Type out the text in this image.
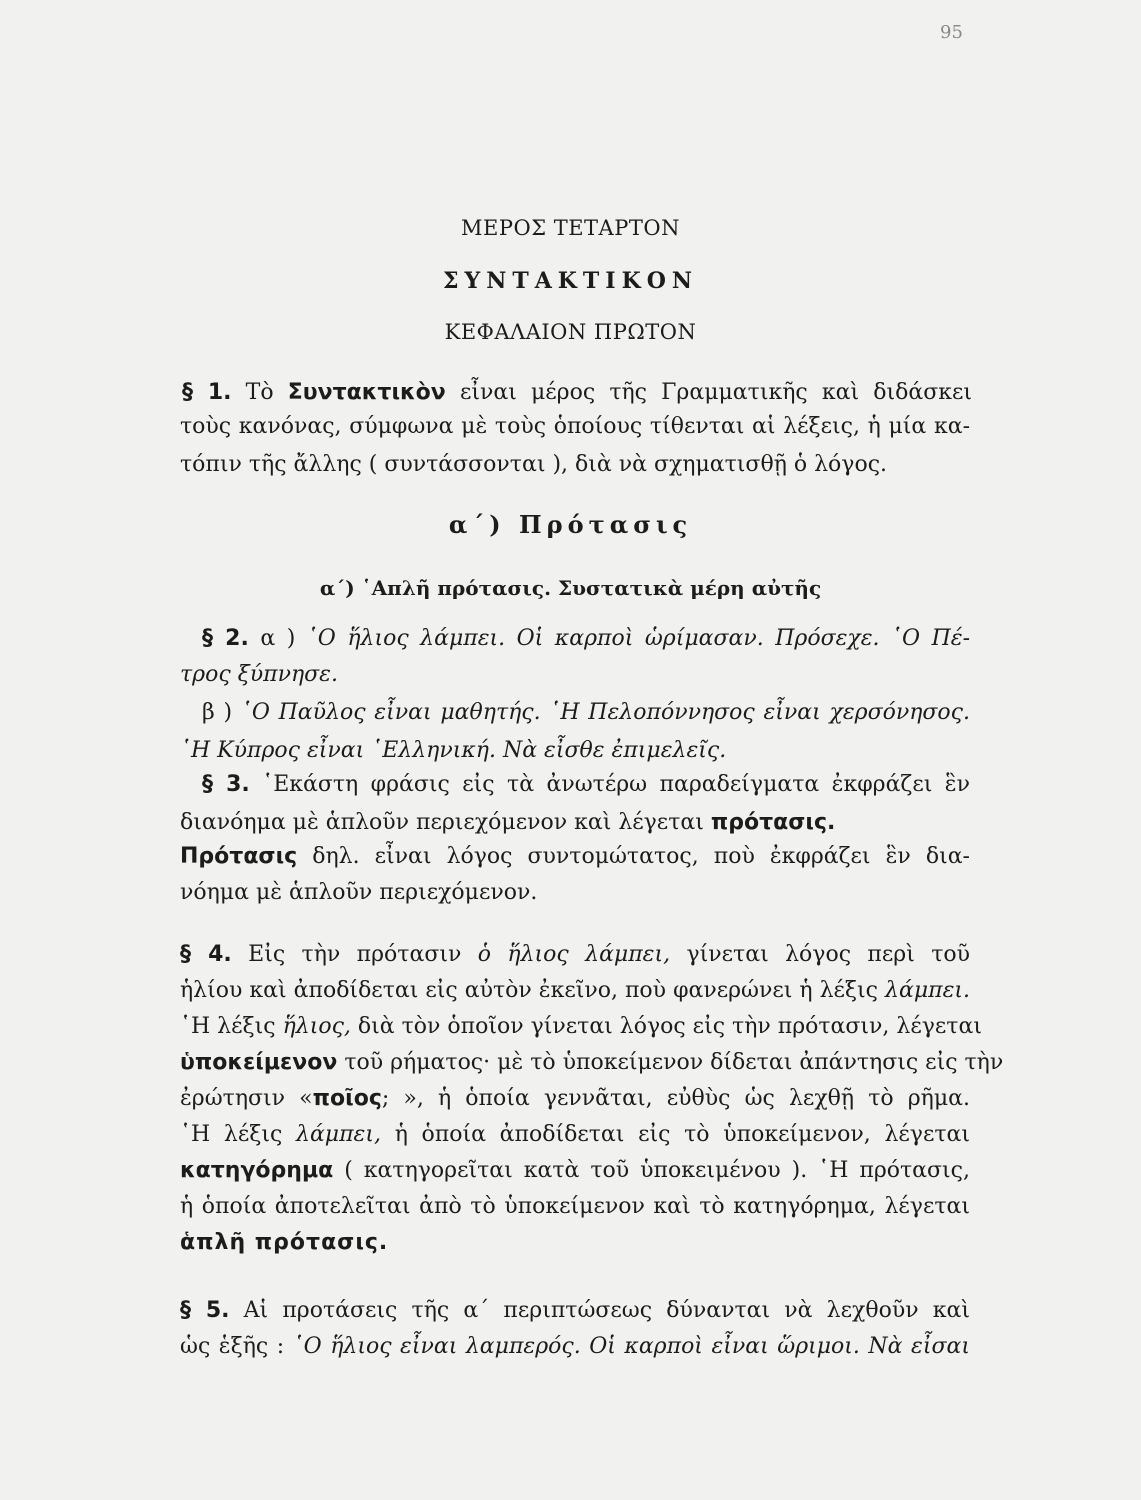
95
ΜΕΡΟΣ ΤΕΤΑΡΤΟΝ
ΣΥΝΤΑΚΤΙΚΟΝ
ΚΕΦΑΛΑΙΟΝ ΠΡΩΤΟΝ
§ 1. Τὸ Συντακτικὸν εἶναι μέρος τῆς Γραμματικῆς καὶ διδάσκει
τοὺς κανόνας, σύμφωνα μὲ τοὺς ὁποίους τίθενται αἱ λέξεις, ἡ μία κα-
τόπιν τῆς ἄλλης ( συντάσσονται ), διὰ νὰ σχηματισθῇ ὁ λόγος.
α΄) Πρότασις
α΄) ῾Απλῆ πρότασις. Συστατικὰ μέρη αὐτῆς
§ 2. α ) ῾Ο ἥλιος λάμπει. Οἱ καρποὶ ὡρίμασαν. Πρόσεχε. ῾Ο Πέ-
τρος ξύπνησε.
β ) ῾Ο Παῦλος εἶναι μαθητής. ῾Η Πελοπόννησος εἶναι χερσόνησος.
῾Η Κύπρος εἶναι ῾Ελληνική. Νὰ εἶσθε ἐπιμελεῖς.
§ 3. ῾Εκάστη φράσις εἰς τὰ ἀνωτέρω παραδείγματα ἐκφράζει ἓν
διανόημα μὲ ἁπλοῦν περιεχόμενον καὶ λέγεται πρότασις.
Πρότασις δηλ. εἶναι λόγος συντομώτατος, ποὺ ἐκφράζει ἓν δια-
νόημα μὲ ἁπλοῦν περιεχόμενον.
§ 4. Εἰς τὴν πρότασιν ὁ ἥλιος λάμπει, γίνεται λόγος περὶ τοῦ
ἡλίου καὶ ἀποδίδεται εἰς αὐτὸν ἐκεῖνο, ποὺ φανερώνει ἡ λέξις λάμπει.
῾Η λέξις ἥλιος, διὰ τὸν ὁποῖον γίνεται λόγος εἰς τὴν πρότασιν, λέγεται
ὑποκείμενον τοῦ ρήματος· μὲ τὸ ὑποκείμενον δίδεται ἀπάντησις εἰς τὴν
ἐρώτησιν «ποῖος; », ἡ ὁποία γεννᾶται, εὐθὺς ὡς λεχθῇ τὸ ρῆμα.
῾Η λέξις λάμπει, ἡ ὁποία ἀποδίδεται εἰς τὸ ὑποκείμενον, λέγεται
κατηγόρημα ( κατηγορεῖται κατὰ τοῦ ὑποκειμένου ). ῾Η πρότασις,
ἡ ὁποία ἀποτελεῖται ἀπὸ τὸ ὑποκείμενον καὶ τὸ κατηγόρημα, λέγεται
ἁπλῆ πρότασις.
§ 5. Αἱ προτάσεις τῆς α΄ περιπτώσεως δύνανται νὰ λεχθοῦν καὶ
ὡς ἑξῆς : ῾Ο ἥλιος εἶναι λαμπερός. Οἱ καρποὶ εἶναι ὥριμοι. Νὰ εἶσαι
